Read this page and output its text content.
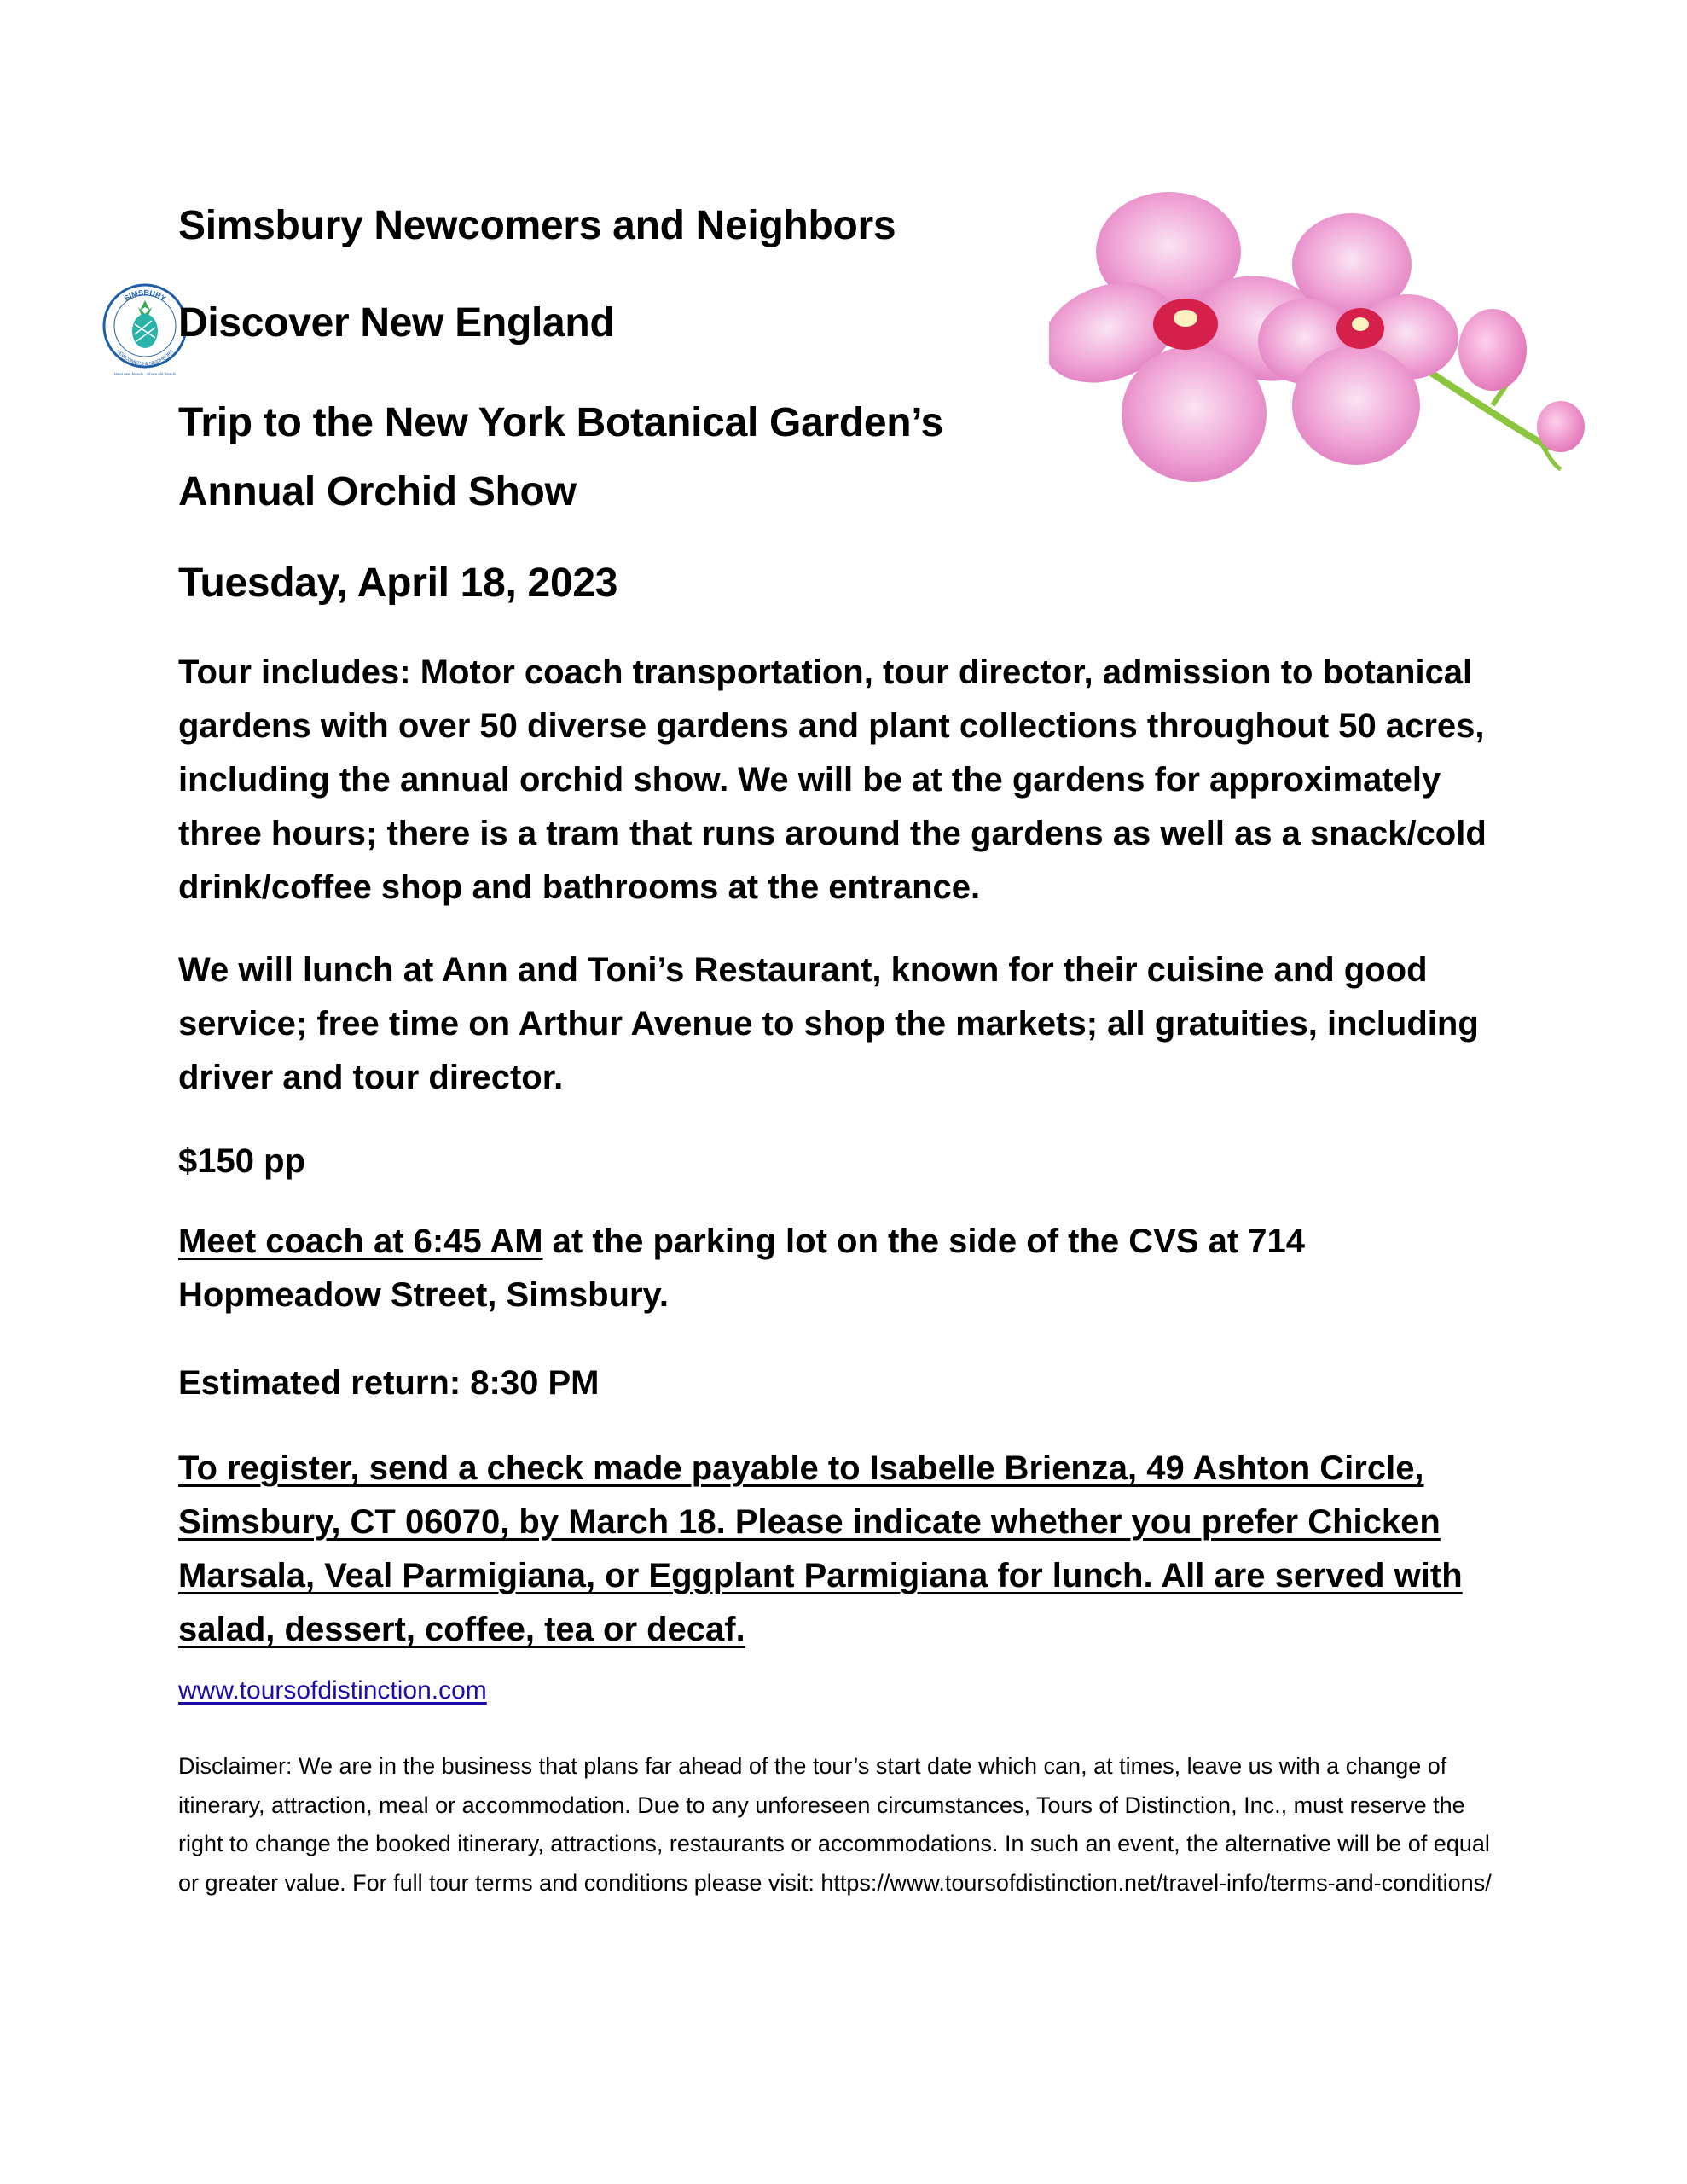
Simsbury Newcomers and Neighbors
SIMSBURY
NEWCOMERS & NEIGHBORS
Meet new friends · Share old friends
Discover New England
Trip to the New York Botanical Garden’s
Annual Orchid Show
Tuesday, April 18, 2023

Tour includes: Motor coach transportation, tour director, admission to botanical gardens with over 50 diverse gardens and plant collections throughout 50 acres, including the annual orchid show. We will be at the gardens for approximately three hours; there is a tram that runs around the gardens as well as a snack/cold drink/coffee shop and bathrooms at the entrance.

We will lunch at Ann and Toni’s Restaurant, known for their cuisine and good service; free time on Arthur Avenue to shop the markets; all gratuities, including driver and tour director.

$150 pp

Meet coach at 6:45 AM at the parking lot on the side of the CVS at 714 Hopmeadow Street, Simsbury.

Estimated return: 8:30 PM

To register, send a check made payable to Isabelle Brienza, 49 Ashton Circle, Simsbury, CT 06070, by March 18. Please indicate whether you prefer Chicken Marsala, Veal Parmigiana, or Eggplant Parmigiana for lunch. All are served with salad, dessert, coffee, tea or decaf.

www.toursofdistinction.com
Disclaimer: We are in the business that plans far ahead of the tour’s start date which can, at times, leave us with a change of itinerary, attraction, meal or accommodation. Due to any unforeseen circumstances, Tours of Distinction, Inc., must reserve the right to change the booked itinerary, attractions, restaurants or accommodations. In such an event, the alternative will be of equal or greater value. For full tour terms and conditions please visit: https://www.toursofdistinction.net/travel-info/terms-and-conditions/
